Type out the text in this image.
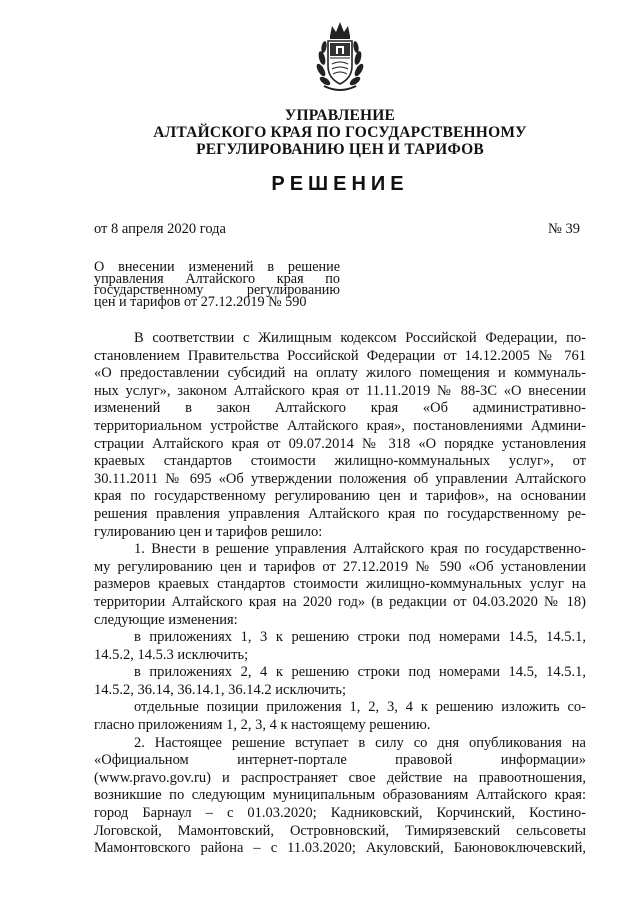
УПРАВЛЕНИЕ
АЛТАЙСКОГО КРАЯ ПО ГОСУДАРСТВЕННОМУ
РЕГУЛИРОВАНИЮ ЦЕН И ТАРИФОВ
РЕШЕНИЕ
от 8 апреля 2020 года	№ 39
О внесении изменений в решение
управления Алтайского края по
государственному регулированию
цен и тарифов от 27.12.2019 № 590
В соответствии с Жилищным кодексом Российской Федерации, по-
становлением Правительства Российской Федерации от 14.12.2005 № 761
«О предоставлении субсидий на оплату жилого помещения и коммуналь-
ных услуг», законом Алтайского края от 11.11.2019 № 88-ЗС «О внесении
изменений в закон Алтайского края «Об административно-
территориальном устройстве Алтайского края», постановлениями Админи-
страции Алтайского края от 09.07.2014 № 318 «О порядке установления
краевых стандартов стоимости жилищно-коммунальных услуг», от
30.11.2011 № 695 «Об утверждении положения об управлении Алтайского
края по государственному регулированию цен и тарифов», на основании
решения правления управления Алтайского края по государственному ре-
гулированию цен и тарифов решило:
1. Внести в решение управления Алтайского края по государственно-
му регулированию цен и тарифов от 27.12.2019 № 590 «Об установлении
размеров краевых стандартов стоимости жилищно-коммунальных услуг на
территории Алтайского края на 2020 год» (в редакции от 04.03.2020 № 18)
следующие изменения:
в приложениях 1, 3 к решению строки под номерами 14.5, 14.5.1,
14.5.2, 14.5.3 исключить;
в приложениях 2, 4 к решению строки под номерами 14.5, 14.5.1,
14.5.2, 36.14, 36.14.1, 36.14.2 исключить;
отдельные позиции приложения 1, 2, 3, 4 к решению изложить со-
гласно приложениям 1, 2, 3, 4 к настоящему решению.
2. Настоящее решение вступает в силу со дня опубликования на
«Официальном интернет-портале правовой информации»
(www.pravo.gov.ru) и распространяет свое действие на правоотношения,
возникшие по следующим муниципальным образованиям Алтайского края:
город Барнаул – с 01.03.2020; Кадниковский, Корчинский, Костино-
Логовской, Мамонтовский, Островновский, Тимирязевский сельсоветы
Мамонтовского района – с 11.03.2020; Акуловский, Баюновоключевский,
